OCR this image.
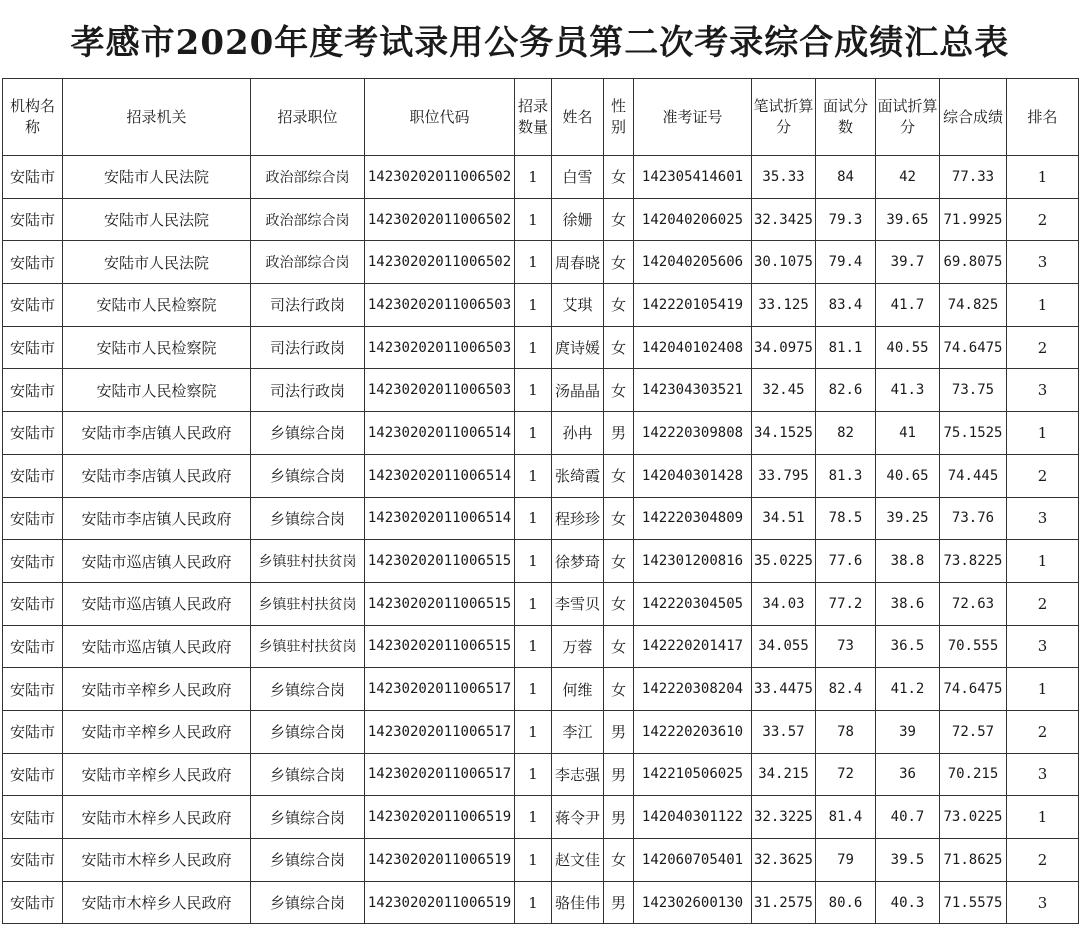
孝感市2020年度考试录用公务员第二次考录综合成绩汇总表
机构名称	招录机关	招录职位	职位代码	招录数量	姓名	性别	准考证号	笔试折算分	面试分数	面试折算分	综合成绩	排名
安陆市	安陆市人民法院	政治部综合岗	14230202011006502	1	白雪	女	142305414601	35.33	84	42	77.33	1
安陆市	安陆市人民法院	政治部综合岗	14230202011006502	1	徐姗	女	142040206025	32.3425	79.3	39.65	71.9925	2
安陆市	安陆市人民法院	政治部综合岗	14230202011006502	1	周春晓	女	142040205606	30.1075	79.4	39.7	69.8075	3
安陆市	安陆市人民检察院	司法行政岗	14230202011006503	1	艾琪	女	142220105419	33.125	83.4	41.7	74.825	1
安陆市	安陆市人民检察院	司法行政岗	14230202011006503	1	庹诗媛	女	142040102408	34.0975	81.1	40.55	74.6475	2
安陆市	安陆市人民检察院	司法行政岗	14230202011006503	1	汤晶晶	女	142304303521	32.45	82.6	41.3	73.75	3
安陆市	安陆市李店镇人民政府	乡镇综合岗	14230202011006514	1	孙冉	男	142220309808	34.1525	82	41	75.1525	1
安陆市	安陆市李店镇人民政府	乡镇综合岗	14230202011006514	1	张绮霞	女	142040301428	33.795	81.3	40.65	74.445	2
安陆市	安陆市李店镇人民政府	乡镇综合岗	14230202011006514	1	程珍珍	女	142220304809	34.51	78.5	39.25	73.76	3
安陆市	安陆市巡店镇人民政府	乡镇驻村扶贫岗	14230202011006515	1	徐梦琦	女	142301200816	35.0225	77.6	38.8	73.8225	1
安陆市	安陆市巡店镇人民政府	乡镇驻村扶贫岗	14230202011006515	1	李雪贝	女	142220304505	34.03	77.2	38.6	72.63	2
安陆市	安陆市巡店镇人民政府	乡镇驻村扶贫岗	14230202011006515	1	万蓉	女	142220201417	34.055	73	36.5	70.555	3
安陆市	安陆市辛榨乡人民政府	乡镇综合岗	14230202011006517	1	何维	女	142220308204	33.4475	82.4	41.2	74.6475	1
安陆市	安陆市辛榨乡人民政府	乡镇综合岗	14230202011006517	1	李江	男	142220203610	33.57	78	39	72.57	2
安陆市	安陆市辛榨乡人民政府	乡镇综合岗	14230202011006517	1	李志强	男	142210506025	34.215	72	36	70.215	3
安陆市	安陆市木梓乡人民政府	乡镇综合岗	14230202011006519	1	蒋令尹	男	142040301122	32.3225	81.4	40.7	73.0225	1
安陆市	安陆市木梓乡人民政府	乡镇综合岗	14230202011006519	1	赵文佳	女	142060705401	32.3625	79	39.5	71.8625	2
安陆市	安陆市木梓乡人民政府	乡镇综合岗	14230202011006519	1	骆佳伟	男	142302600130	31.2575	80.6	40.3	71.5575	3
